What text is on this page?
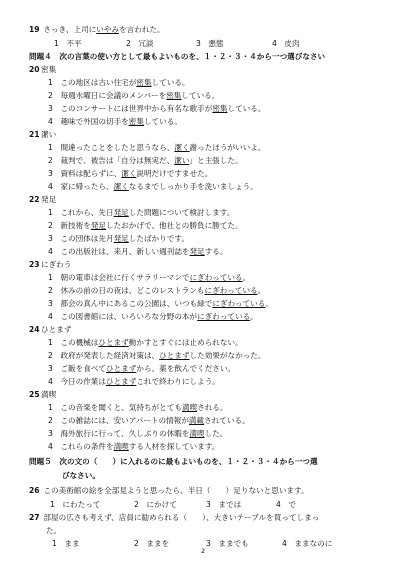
19 さっき、上司にいやみを言われた。
1　不平	2　冗談	3　悪態	4　皮肉
問題４　次の言葉の使い方として最もよいものを、１・２・３・４から一つ選びなさい
20密集
1　 この地区は古い住宅が密集している。
2　 毎週水曜日に会議のメンバーを密集している。
3　 このコンサートには世界中から有名な歌手が密集している。
4　 趣味で外国の切手を密集している。
21潔い
1　 間違ったことをしたと思うなら、潔く謝ったほうがいいよ。
2　 裁判で、被告は「自分は無実だ、潔い」と主張した。
3　 資料は配らずに、潔く説明だけですませた。
4　 家に帰ったら、潔くなるまでしっかり手を洗いましょう。
22発足
1　 これから、先日発足した問題について検討します。
2　 新技術を発足したおかげで、他社との勝負に勝てた。
3　 この団体は先月発足したばかりです。
4　 この出版社は、来月、新しい週刊誌を発足する。
23にぎわう
1　 朝の電車は会社に行くサラリーマンでにぎわっている。
2　 休みの前の日の夜は、どこのレストランもにぎわっている。
3　 都会の真ん中にあるこの公園は、いつも緑でにぎわっている。
4　 この図書館には、いろいろな分野の本がにぎわっている。
24ひとまず
1　 この機械はひとまず動かすとすぐには止められない。
2　 政府が発表した経済対策は、ひとまずした効果がなかった。
3　 ご飯を食べてひとまずから、薬を飲んでください。
4　 今日の作業はひとまずこれで終わりにしよう。
25満喫
1　 この音楽を聞くと、気持ちがとても満喫される。
2　 この雑誌には、安いアパートの情報が満載されている。
3　 海外旅行に行って、久しぶりの休暇を満喫した。
4　 これらの条件を満喫する人材を探しています。
問題５　次の文の（　　）に入れるのに最もよいものを、１・２・３・４から一つ選
びなさい。
26 この美術館の絵を全部見ようと思ったら、半日（　　）足りないと思います。
1　にわたって	2　にかけて	3　までは	4　で
27 部屋の広さも考えず、店員に勧められる（　　）、大きいテーブルを買ってしまっ
た。
1　まま	2　ままを	3　ままでも	4　ままなのに
2
